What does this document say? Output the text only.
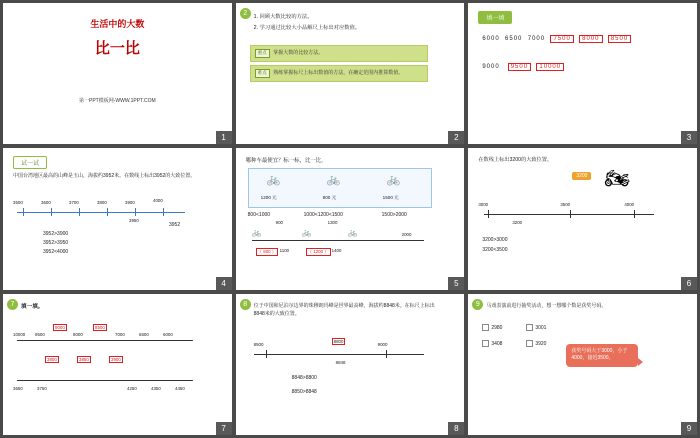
生活中的大数
比一比
第一PPT模板网-WWW.1PPT.COM
1
2	1. 回顾大数比较的方法。
2. 学习通过比较大小品解尺上标出对应数值。
重点 掌握大数的比较方法。
难点 熟练掌握标尺上标出数值的方法，在确定范围内推算数值。
2
填一填
6000 6500 7000 7500 8000 8500
9000 9500 10000
3
试一试
中国台湾地区最高的山峰是玉山，海拔约3952米。在数线上标出3952的大致位置。
3500	3600	3700	3800	3900	4000
3950
3952
3952>3900
3952>3950
3952<4000
4
哪种车最便宜？标一标，比一比。
🚲	🚲	🚲
1200 元	800 元	1500 元
800<1000	1000<1200<1500	1500>2000
🚲	🚲	🚲
900	1300
1100	1400
2000
（ 800 ）	（ 1200 ）
5
在数线上标出3200的大致位置。
🏍
3200
3000	3500	4000
3200
3200>3000
3200<3500
6
7	填一填。
10000 9500
9000	8500
8000	7000	6500	6000
3800	3850	3900
3650	3750	4250	4350	4450
7
8	位于中国和尼泊尔边界的珠穆朗玛峰是世界最高峰，海拔约8848米。在标尺上标出8848米的大致位置。
8500	9000
8800
8848
8848>8800
8850>8848
8
9	马戏表演前进行抽奖活动，想一想哪个数是获奖号码。
获奖号码大于3000，小于4000，接近3500。
2980	3001
3408	3920
9
